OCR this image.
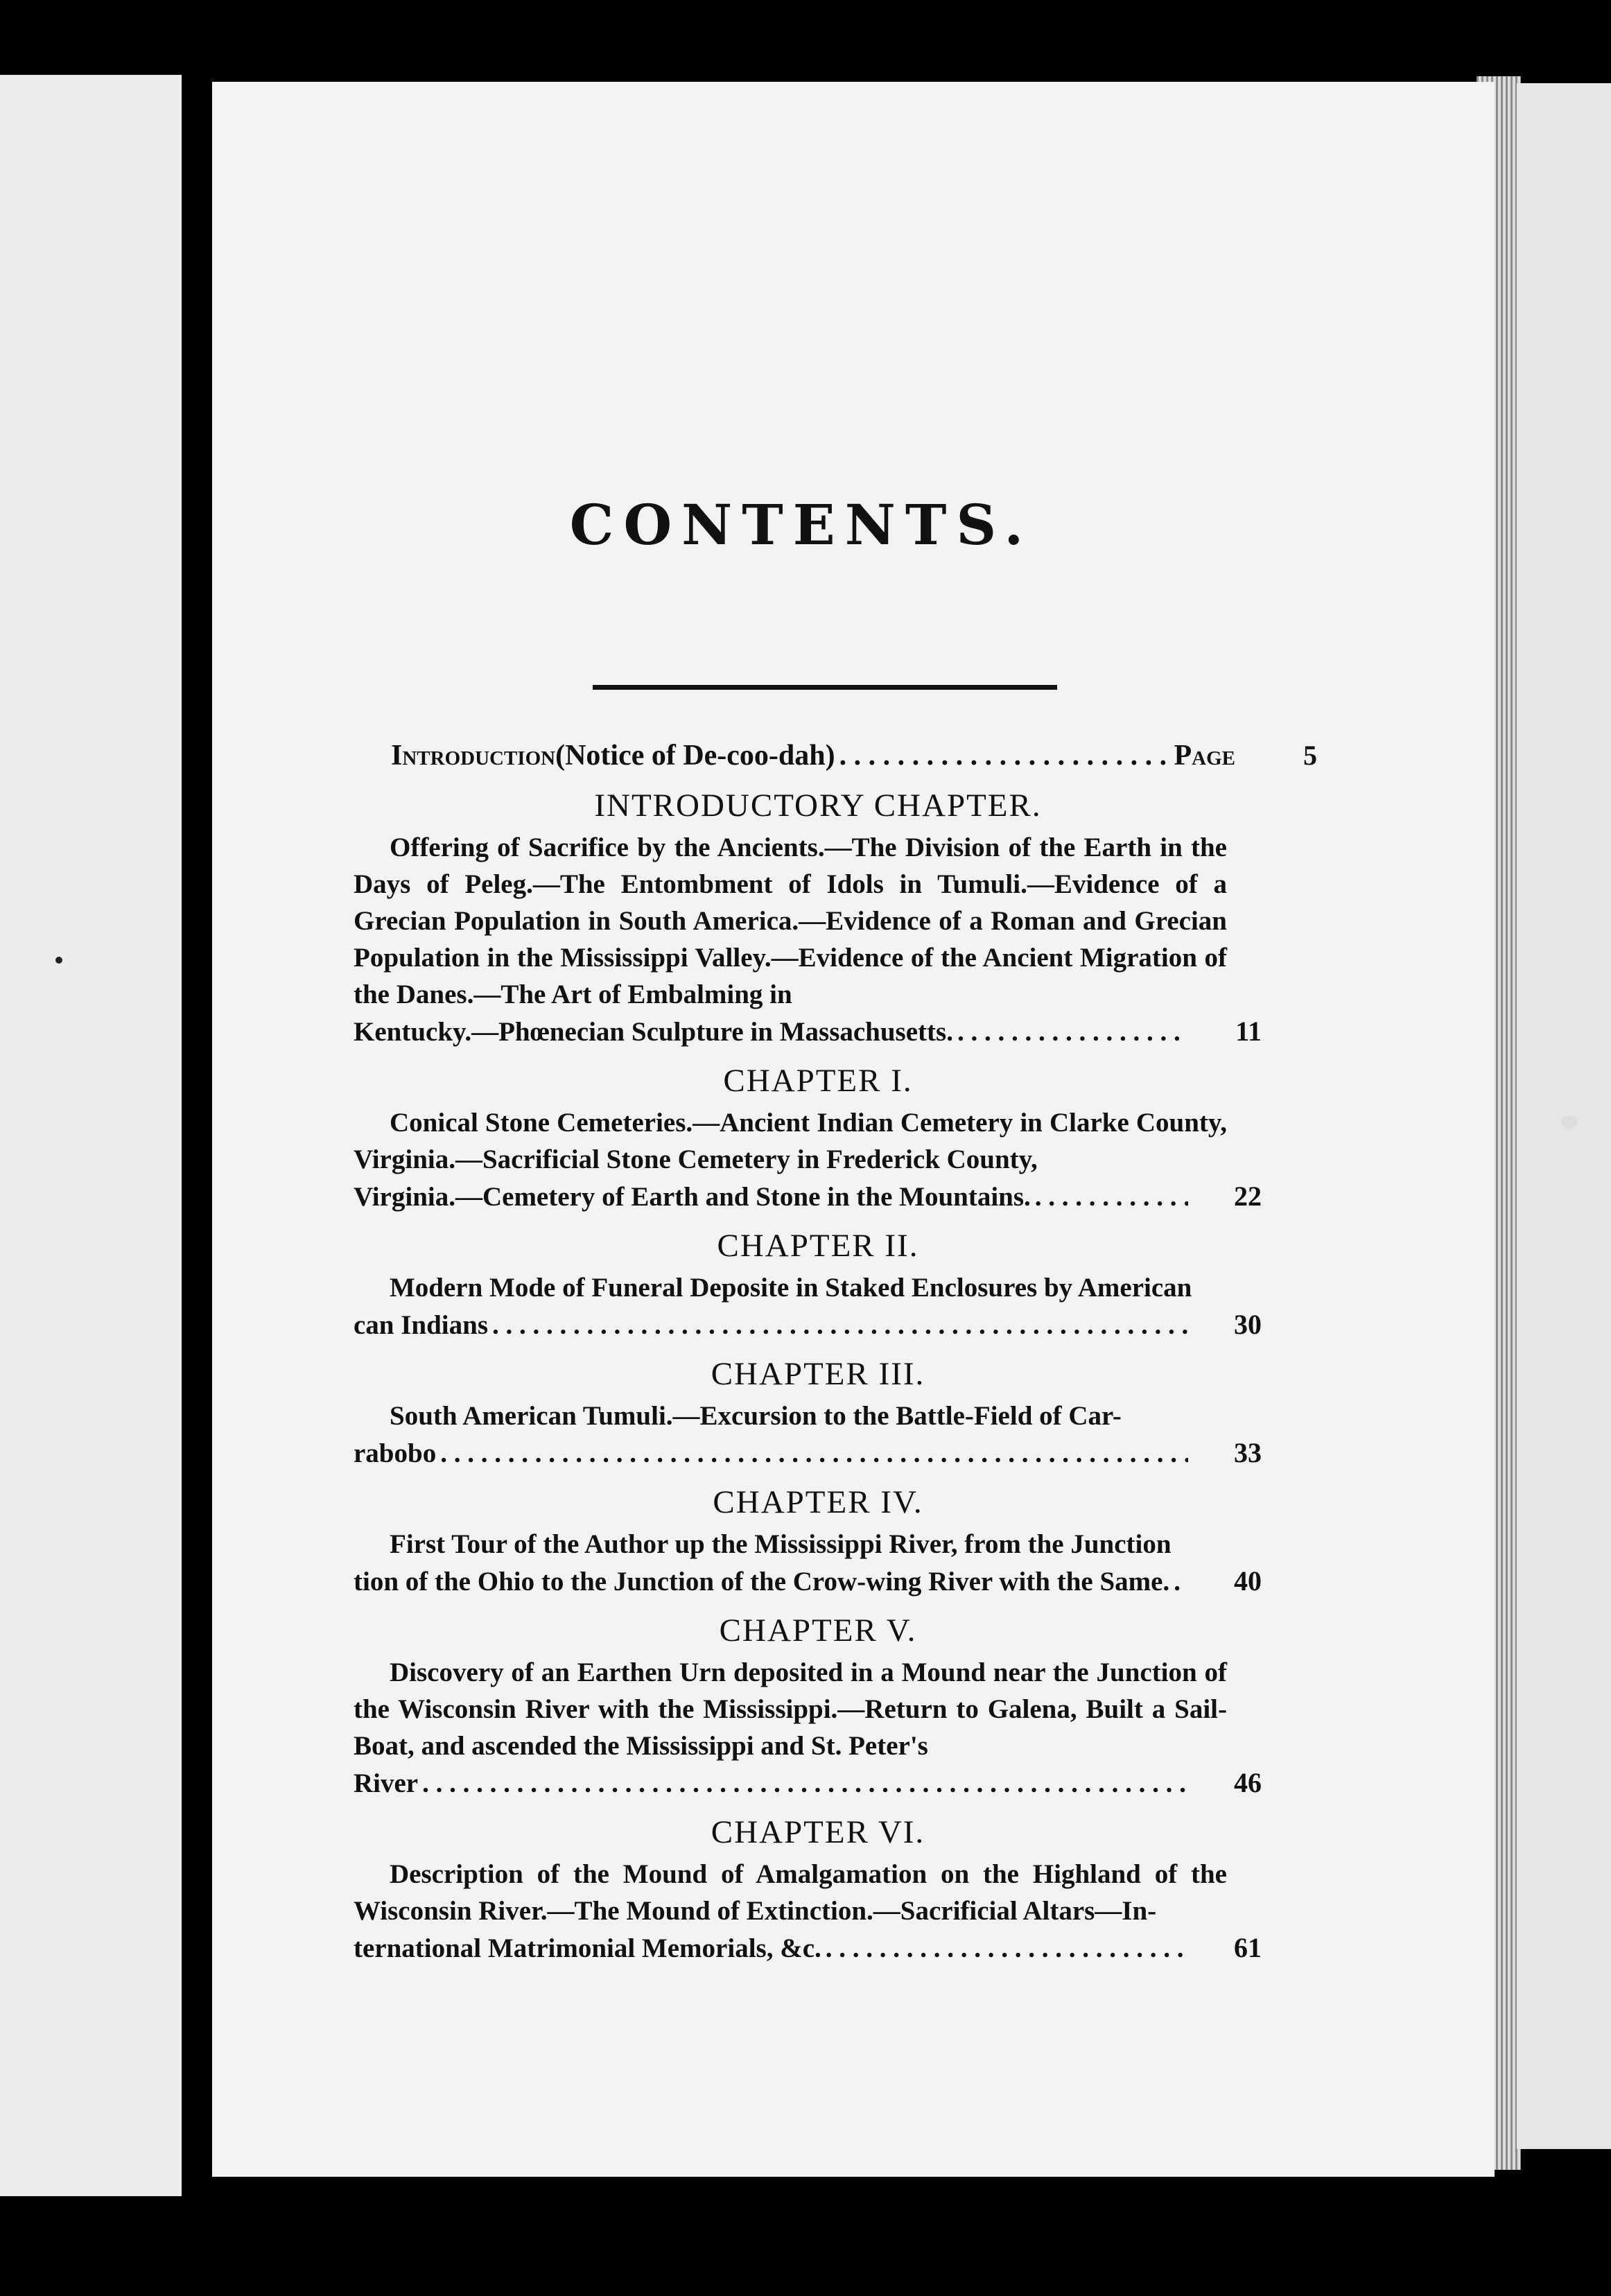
CONTENTS.
Introduction (Notice of De-coo-dah) . . .	Page	5
INTRODUCTORY CHAPTER.
Offering of Sacrifice by the Ancients.—The Division of the Earth in the Days of Peleg.—The Entombment of Idols in Tumuli.—Evidence of a Grecian Population in South America.—Evidence of a Roman and Grecian Population in the Mississippi Valley.—Evidence of the Ancient Migration of the Danes.—The Art of Embalming in
Kentucky.—Phœnecian Sculpture in Massachusetts. . . .	11
CHAPTER I.
Conical Stone Cemeteries.—Ancient Indian Cemetery in Clarke County, Virginia.—Sacrificial Stone Cemetery in Frederick County,
Virginia.—Cemetery of Earth and Stone in the Mountains. . . .	22
CHAPTER II.
Modern Mode of Funeral Deposite in Staked Enclosures by American
can Indians . . .	30
CHAPTER III.
South American Tumuli.—Excursion to the Battle-Field of Car-
rabobo . . .	33
CHAPTER IV.
First Tour of the Author up the Mississippi River, from the Junction
tion of the Ohio to the Junction of the Crow-wing River with the Same. . . .	40
CHAPTER V.
Discovery of an Earthen Urn deposited in a Mound near the Junction of the Wisconsin River with the Mississippi.—Return to Galena, Built a Sail-Boat, and ascended the Mississippi and St. Peter's
River . . .	46
CHAPTER VI.
Description of the Mound of Amalgamation on the Highland of the Wisconsin River.—The Mound of Extinction.—Sacrificial Altars—In-
ternational Matrimonial Memorials, &c. . . .	61
